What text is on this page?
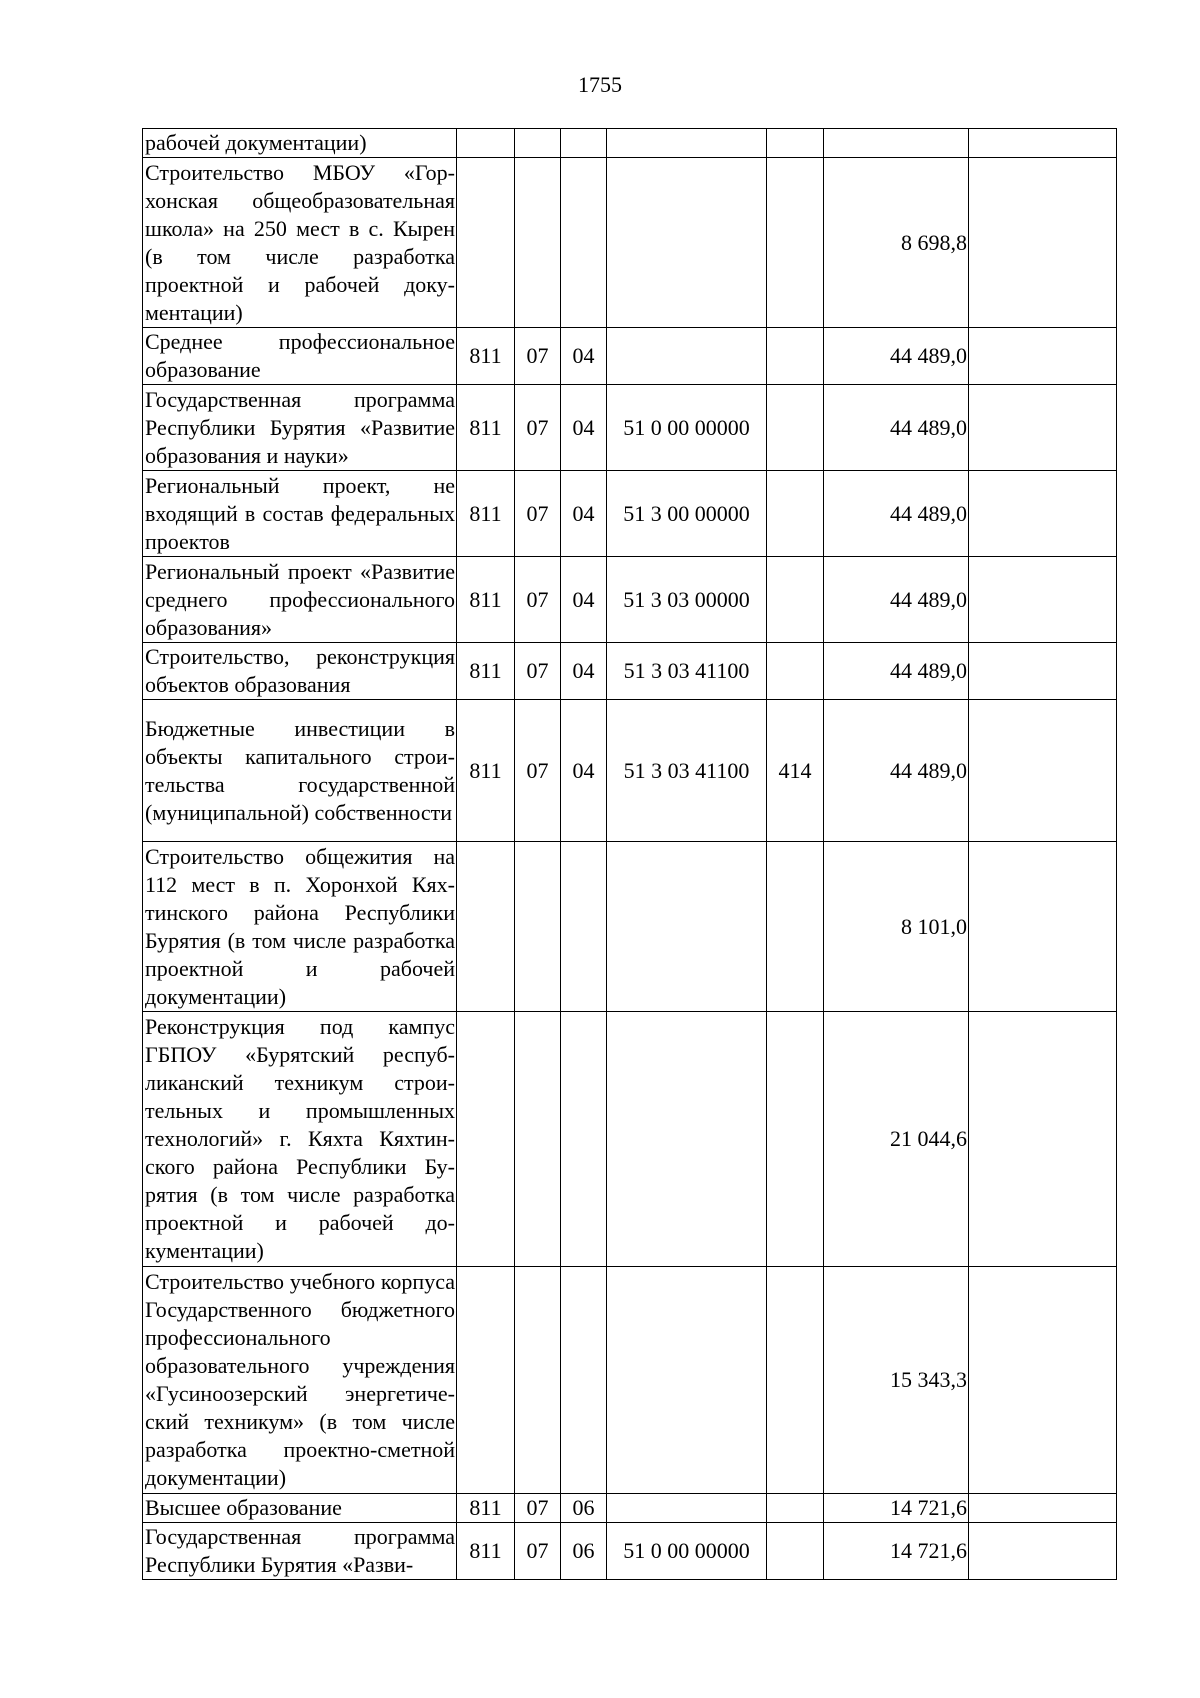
1755
рабочей документации)							
Строительство МБОУ «Горхонская общеобразовательная школа» на 250 мест в с. Кырен (в том числе разработка проектной и рабочей документации)						8 698,8	
Среднее профессиональное образование	811	07	04			44 489,0	
Государственная программа Республики Бурятия «Развитие образования и науки»	811	07	04	51 0 00 00000		44 489,0	
Региональный проект, не входящий в состав федеральных проектов	811	07	04	51 3 00 00000		44 489,0	
Региональный проект «Развитие среднего профессионального образования»	811	07	04	51 3 03 00000		44 489,0	
Строительство, реконструкция объектов образования	811	07	04	51 3 03 41100		44 489,0	
Бюджетные инвестиции в объекты капитального строительства государственной (муниципальной) собственности	811	07	04	51 3 03 41100	414	44 489,0	
Строительство общежития на 112 мест в п. Хоронхой Кяхтинского района Республики Бурятия (в том числе разработка проектной и рабочей документации)						8 101,0	
Реконструкция под кампус ГБПОУ «Бурятский республиканский техникум строительных и промышленных технологий» г. Кяхта Кяхтинского района Республики Бурятия (в том числе разработка проектной и рабочей документации)						21 044,6	
Строительство учебного корпуса Государственного бюджетного профессионального образовательного учреждения «Гусиноозерский энергетический техникум» (в том числе разработка проектно-сметной документации)						15 343,3	
Высшее образование	811	07	06			14 721,6	
Государственная программа Республики Бурятия «Разви-	811	07	06	51 0 00 00000		14 721,6	
